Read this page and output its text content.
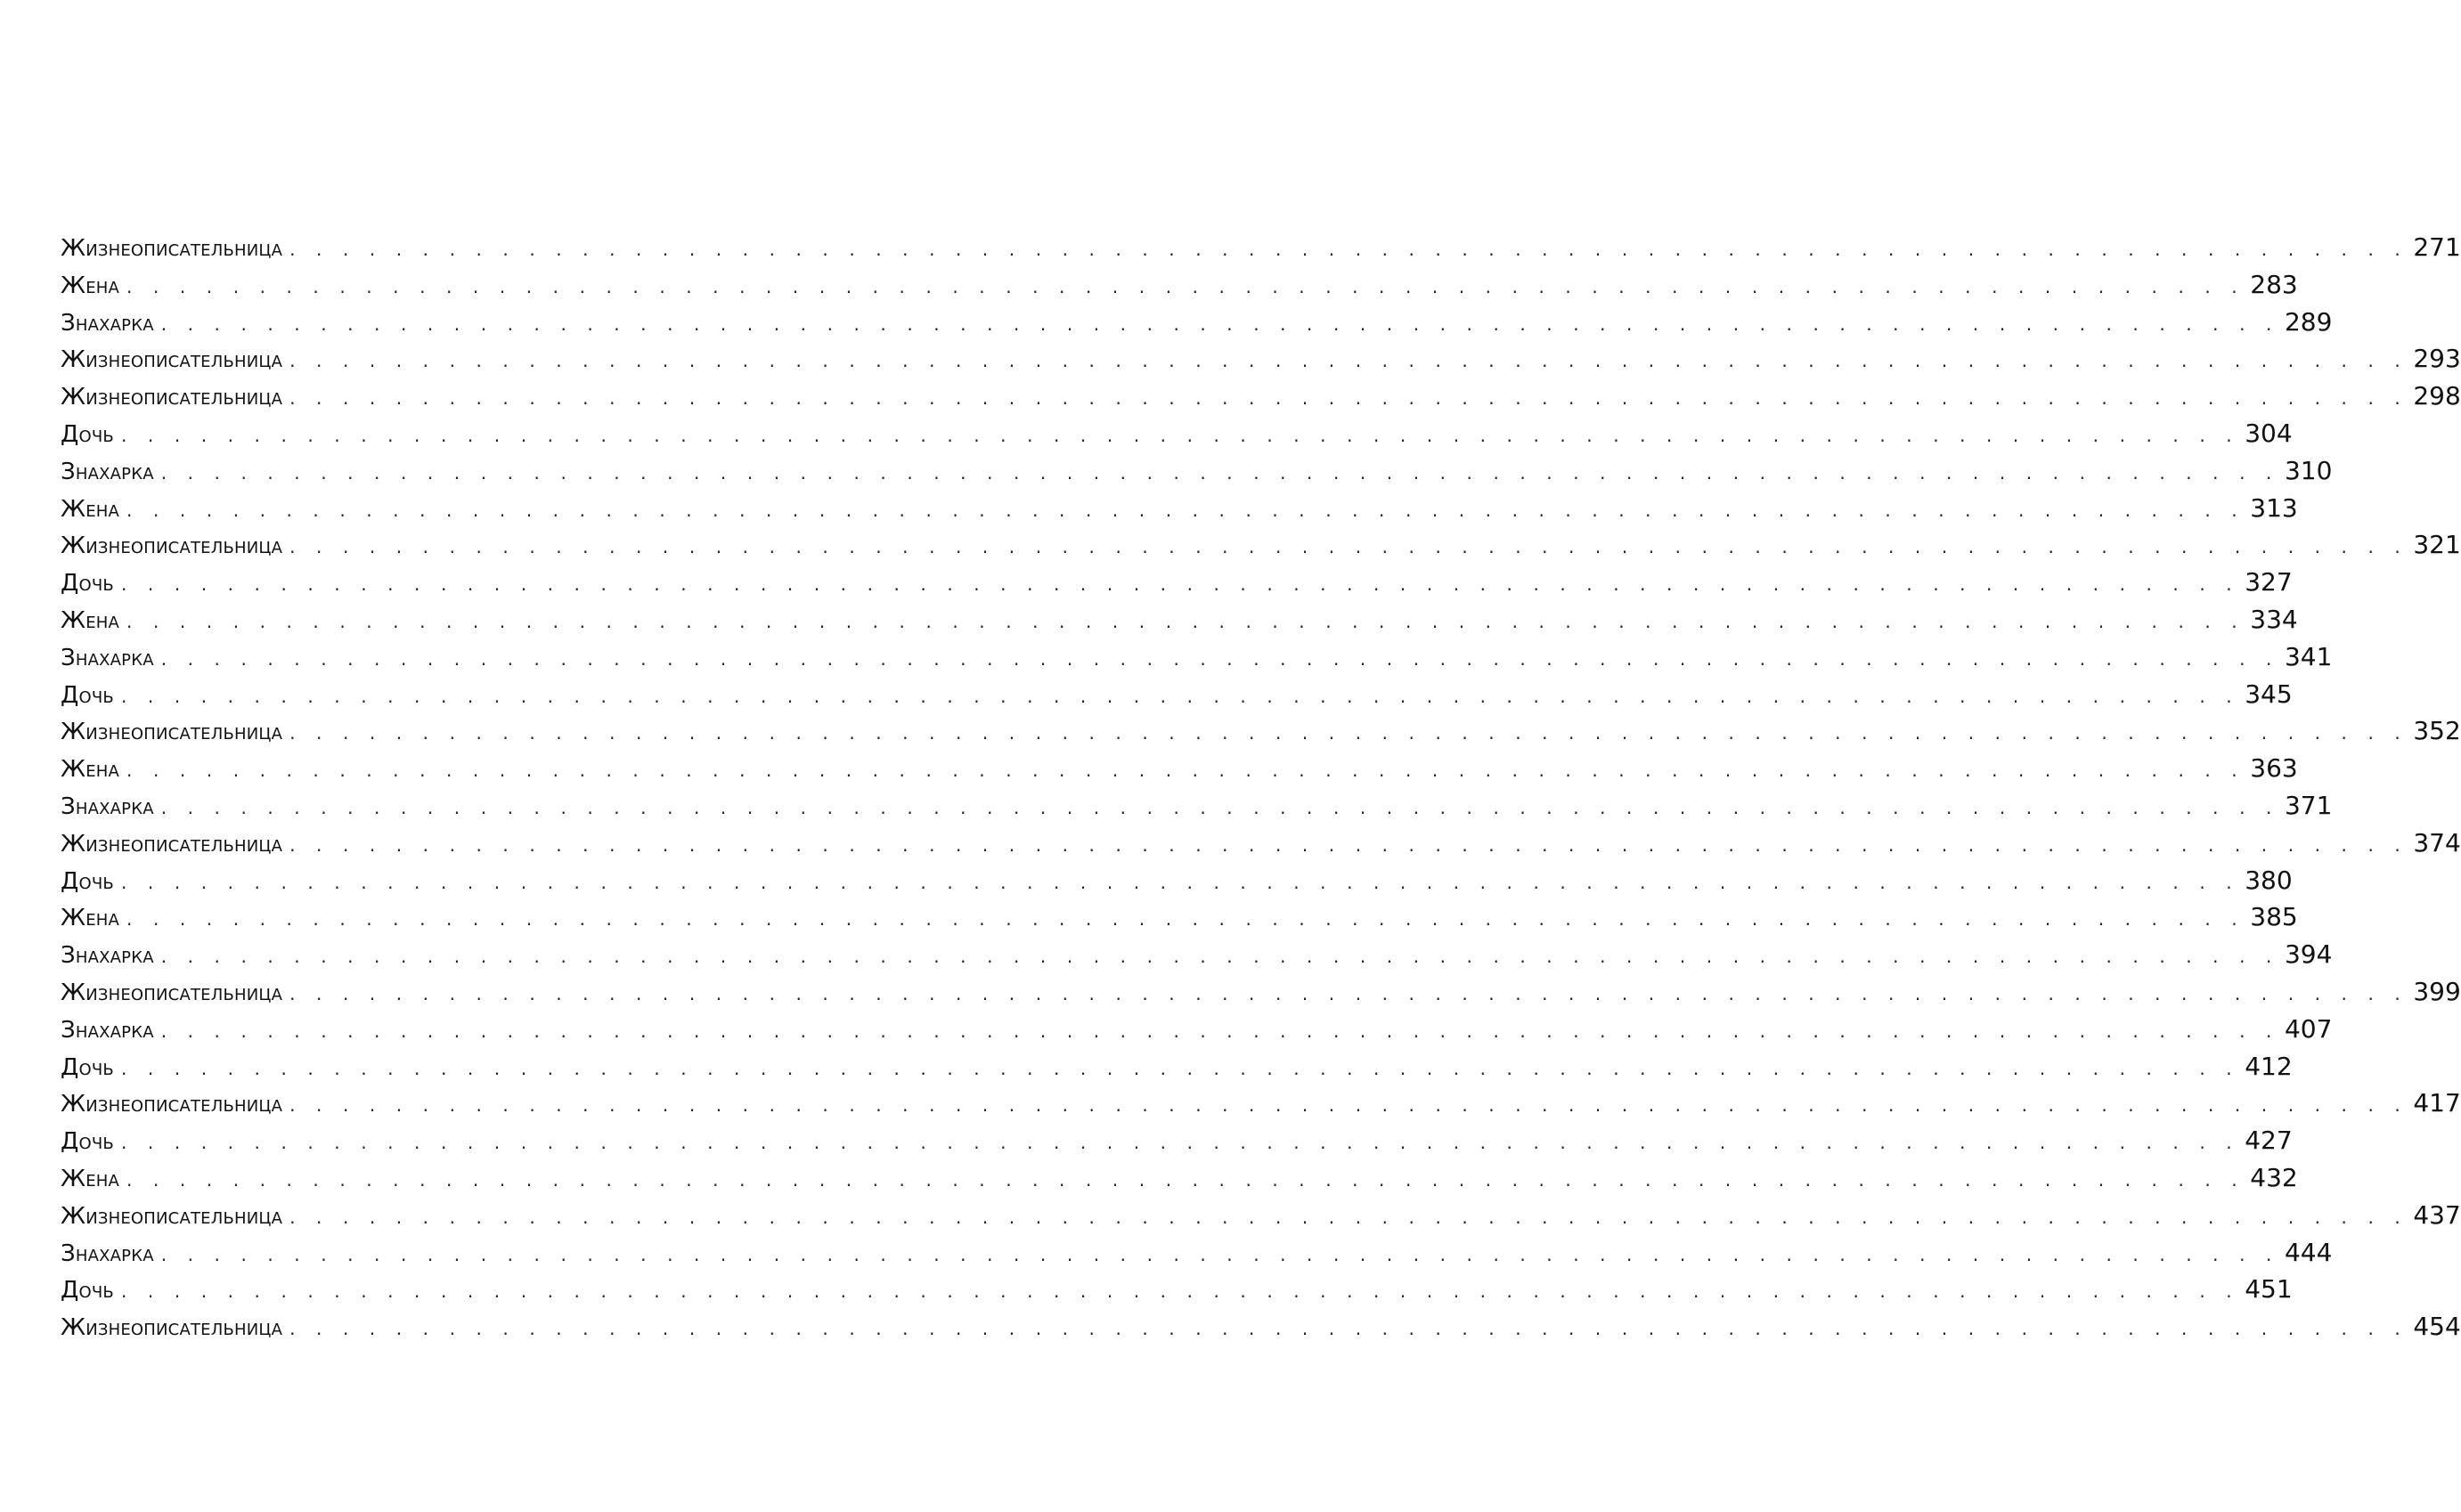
Жизнеописательница . . . . . . . . . . . . . . . . . . . . . . . . . . . . . . . . . . . . . . . . . . . . . . . . . . . . . . . . . . . . . . . . . . . . . . . . . . . . . . . . 271
Жена . . . . . . . . . . . . . . . . . . . . . . . . . . . . . . . . . . . . . . . . . . . . . . . . . . . . . . . . . . . . . . . . . . . . . . . . . . . . . . . . 283
Знахарка . . . . . . . . . . . . . . . . . . . . . . . . . . . . . . . . . . . . . . . . . . . . . . . . . . . . . . . . . . . . . . . . . . . . . . . . . . . . . . . . 289
Жизнеописательница . . . . . . . . . . . . . . . . . . . . . . . . . . . . . . . . . . . . . . . . . . . . . . . . . . . . . . . . . . . . . . . . . . . . . . . . . . . . . . . . 293
Жизнеописательница . . . . . . . . . . . . . . . . . . . . . . . . . . . . . . . . . . . . . . . . . . . . . . . . . . . . . . . . . . . . . . . . . . . . . . . . . . . . . . . . 298
Дочь . . . . . . . . . . . . . . . . . . . . . . . . . . . . . . . . . . . . . . . . . . . . . . . . . . . . . . . . . . . . . . . . . . . . . . . . . . . . . . . . 304
Знахарка . . . . . . . . . . . . . . . . . . . . . . . . . . . . . . . . . . . . . . . . . . . . . . . . . . . . . . . . . . . . . . . . . . . . . . . . . . . . . . . . 310
Жена . . . . . . . . . . . . . . . . . . . . . . . . . . . . . . . . . . . . . . . . . . . . . . . . . . . . . . . . . . . . . . . . . . . . . . . . . . . . . . . . 313
Жизнеописательница . . . . . . . . . . . . . . . . . . . . . . . . . . . . . . . . . . . . . . . . . . . . . . . . . . . . . . . . . . . . . . . . . . . . . . . . . . . . . . . . 321
Дочь . . . . . . . . . . . . . . . . . . . . . . . . . . . . . . . . . . . . . . . . . . . . . . . . . . . . . . . . . . . . . . . . . . . . . . . . . . . . . . . . 327
Жена . . . . . . . . . . . . . . . . . . . . . . . . . . . . . . . . . . . . . . . . . . . . . . . . . . . . . . . . . . . . . . . . . . . . . . . . . . . . . . . . 334
Знахарка . . . . . . . . . . . . . . . . . . . . . . . . . . . . . . . . . . . . . . . . . . . . . . . . . . . . . . . . . . . . . . . . . . . . . . . . . . . . . . . . 341
Дочь . . . . . . . . . . . . . . . . . . . . . . . . . . . . . . . . . . . . . . . . . . . . . . . . . . . . . . . . . . . . . . . . . . . . . . . . . . . . . . . . 345
Жизнеописательница . . . . . . . . . . . . . . . . . . . . . . . . . . . . . . . . . . . . . . . . . . . . . . . . . . . . . . . . . . . . . . . . . . . . . . . . . . . . . . . . 352
Жена . . . . . . . . . . . . . . . . . . . . . . . . . . . . . . . . . . . . . . . . . . . . . . . . . . . . . . . . . . . . . . . . . . . . . . . . . . . . . . . . 363
Знахарка . . . . . . . . . . . . . . . . . . . . . . . . . . . . . . . . . . . . . . . . . . . . . . . . . . . . . . . . . . . . . . . . . . . . . . . . . . . . . . . . 371
Жизнеописательница . . . . . . . . . . . . . . . . . . . . . . . . . . . . . . . . . . . . . . . . . . . . . . . . . . . . . . . . . . . . . . . . . . . . . . . . . . . . . . . . 374
Дочь . . . . . . . . . . . . . . . . . . . . . . . . . . . . . . . . . . . . . . . . . . . . . . . . . . . . . . . . . . . . . . . . . . . . . . . . . . . . . . . . 380
Жена . . . . . . . . . . . . . . . . . . . . . . . . . . . . . . . . . . . . . . . . . . . . . . . . . . . . . . . . . . . . . . . . . . . . . . . . . . . . . . . . 385
Знахарка . . . . . . . . . . . . . . . . . . . . . . . . . . . . . . . . . . . . . . . . . . . . . . . . . . . . . . . . . . . . . . . . . . . . . . . . . . . . . . . . 394
Жизнеописательница . . . . . . . . . . . . . . . . . . . . . . . . . . . . . . . . . . . . . . . . . . . . . . . . . . . . . . . . . . . . . . . . . . . . . . . . . . . . . . . . 399
Знахарка . . . . . . . . . . . . . . . . . . . . . . . . . . . . . . . . . . . . . . . . . . . . . . . . . . . . . . . . . . . . . . . . . . . . . . . . . . . . . . . . 407
Дочь . . . . . . . . . . . . . . . . . . . . . . . . . . . . . . . . . . . . . . . . . . . . . . . . . . . . . . . . . . . . . . . . . . . . . . . . . . . . . . . . 412
Жизнеописательница . . . . . . . . . . . . . . . . . . . . . . . . . . . . . . . . . . . . . . . . . . . . . . . . . . . . . . . . . . . . . . . . . . . . . . . . . . . . . . . . 417
Дочь . . . . . . . . . . . . . . . . . . . . . . . . . . . . . . . . . . . . . . . . . . . . . . . . . . . . . . . . . . . . . . . . . . . . . . . . . . . . . . . . 427
Жена . . . . . . . . . . . . . . . . . . . . . . . . . . . . . . . . . . . . . . . . . . . . . . . . . . . . . . . . . . . . . . . . . . . . . . . . . . . . . . . . 432
Жизнеописательница . . . . . . . . . . . . . . . . . . . . . . . . . . . . . . . . . . . . . . . . . . . . . . . . . . . . . . . . . . . . . . . . . . . . . . . . . . . . . . . . 437
Знахарка . . . . . . . . . . . . . . . . . . . . . . . . . . . . . . . . . . . . . . . . . . . . . . . . . . . . . . . . . . . . . . . . . . . . . . . . . . . . . . . . 444
Дочь . . . . . . . . . . . . . . . . . . . . . . . . . . . . . . . . . . . . . . . . . . . . . . . . . . . . . . . . . . . . . . . . . . . . . . . . . . . . . . . . 451
Жизнеописательница . . . . . . . . . . . . . . . . . . . . . . . . . . . . . . . . . . . . . . . . . . . . . . . . . . . . . . . . . . . . . . . . . . . . . . . . . . . . . . . . 454
